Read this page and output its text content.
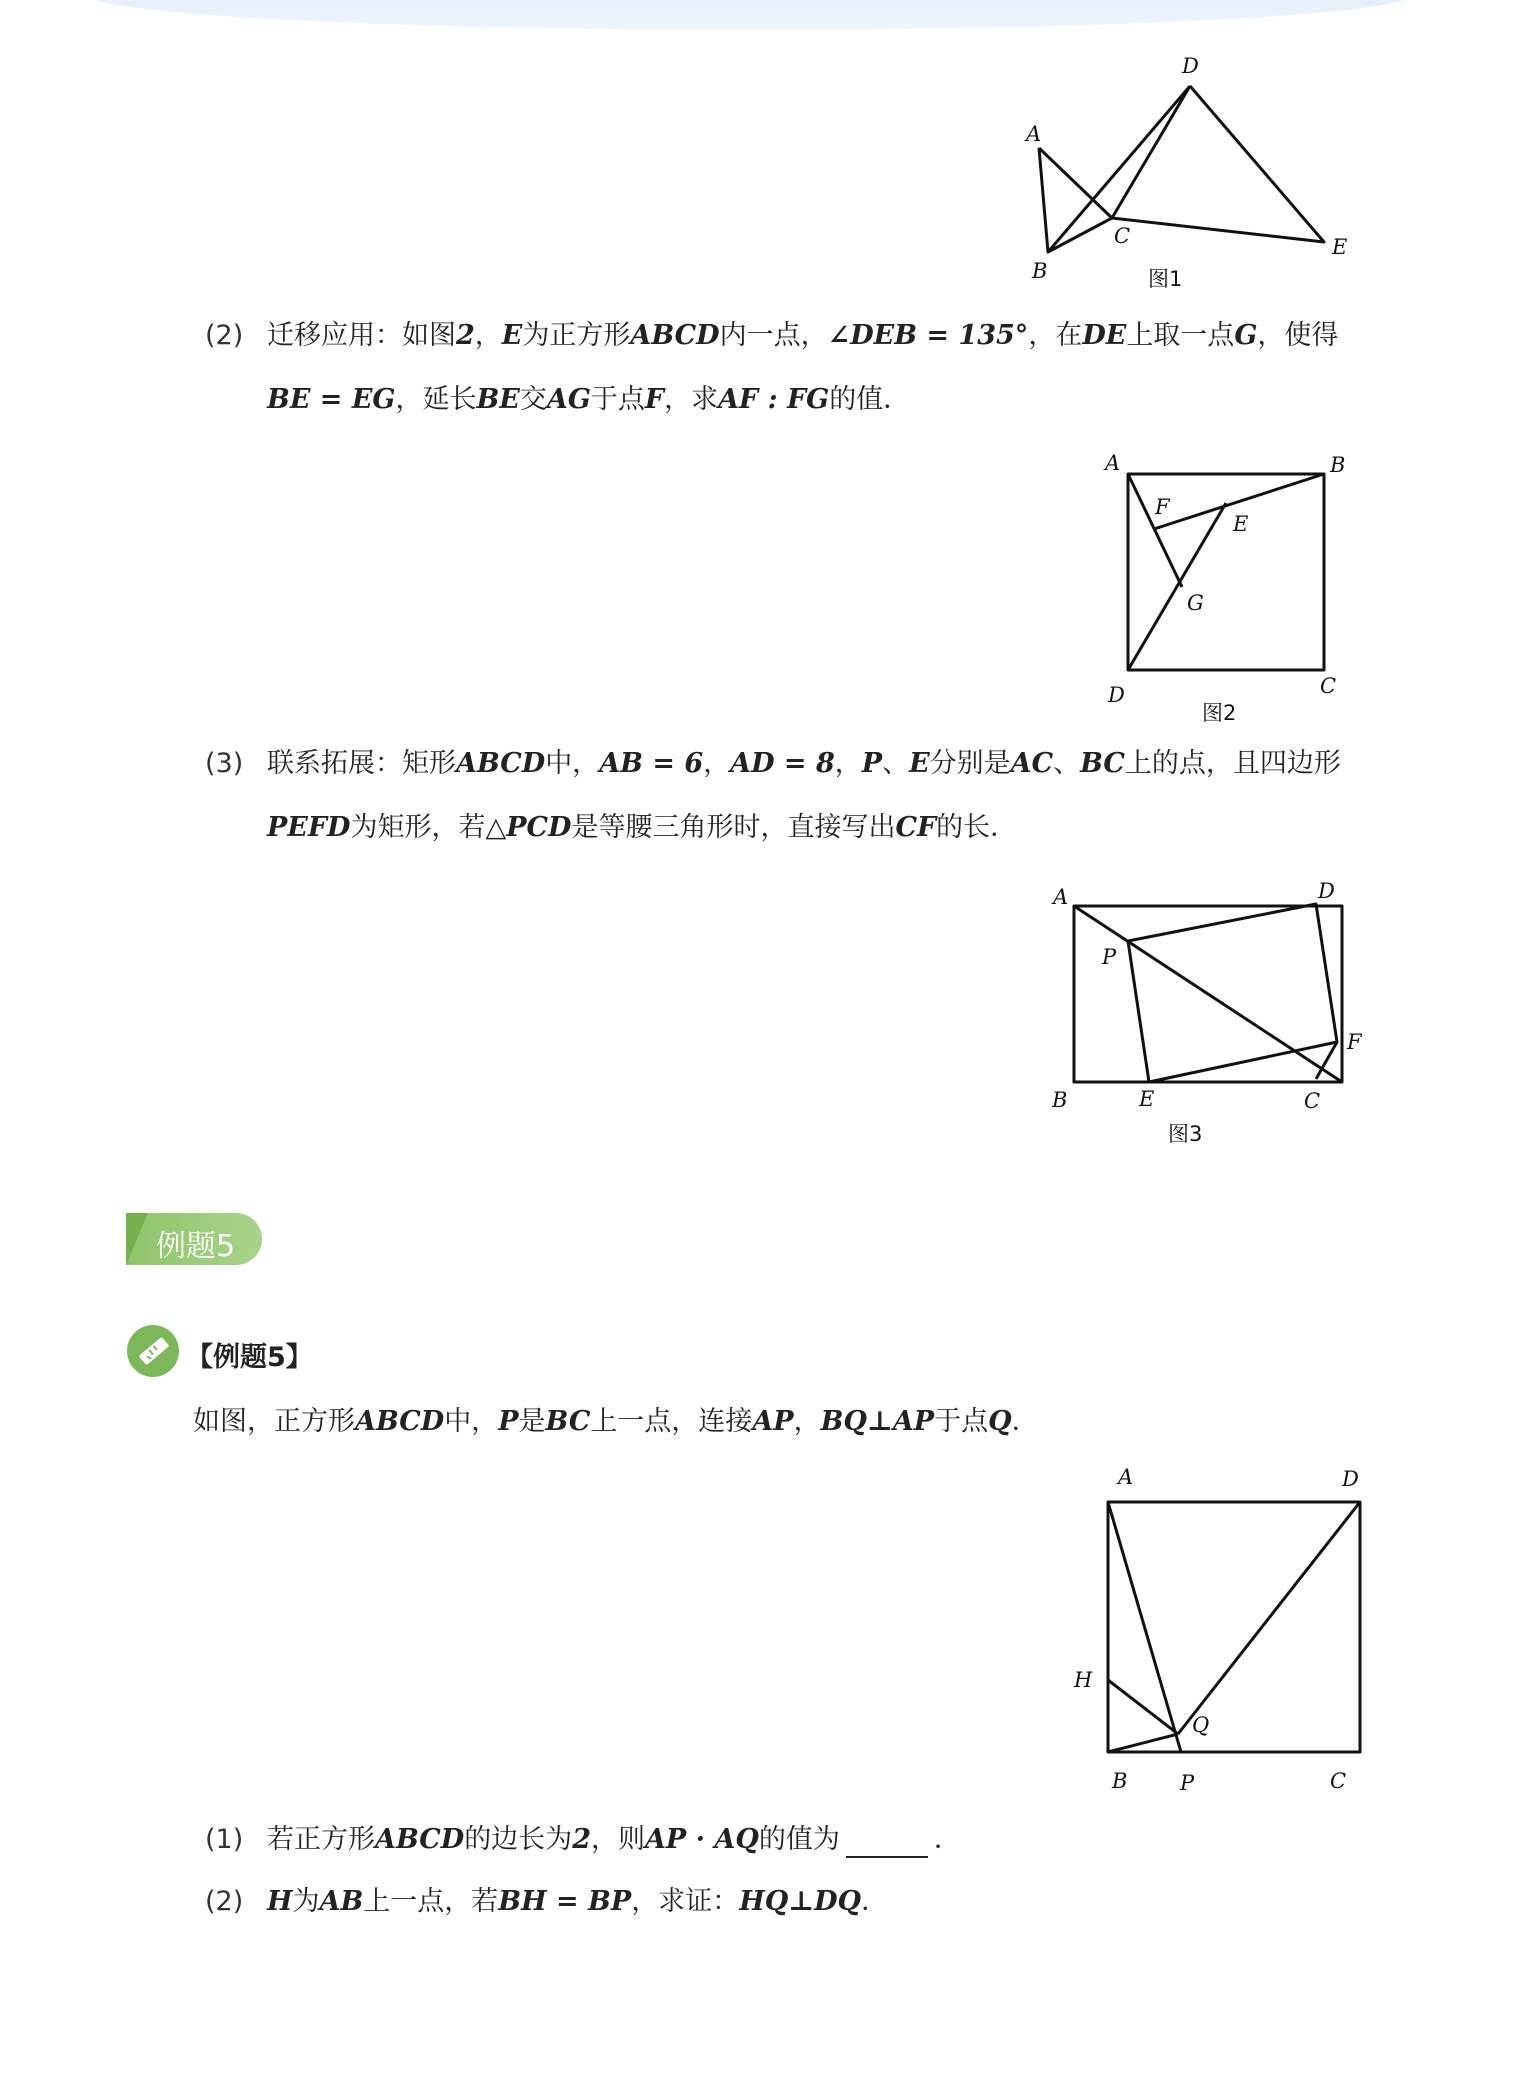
A
B
C
D
E
图1
(2) 迁移应用：如图2，E为正方形ABCD内一点，∠DEB = 135°，在DE上取一点G，使得
BE = EG，延长BE交AG于点F，求AF : FG的值．
A	B
C
D
E
F
G
图2
(3) 联系拓展：矩形ABCD中，AB = 6，AD = 8，P、E分别是AC、BC上的点，且四边形
PEFD为矩形，若△PCD是等腰三角形时，直接写出CF的长．
A
B	C
D
E
F
P
图3
例题5
【例题5】
如图，正方形ABCD中，P是BC上一点，连接AP，BQ⊥AP于点Q．
A
B	C
D
H
P
Q
(1) 若正方形ABCD的边长为2，则AP · AQ的值为	．
(2) H为AB上一点，若BH = BP，求证：HQ⊥DQ．
